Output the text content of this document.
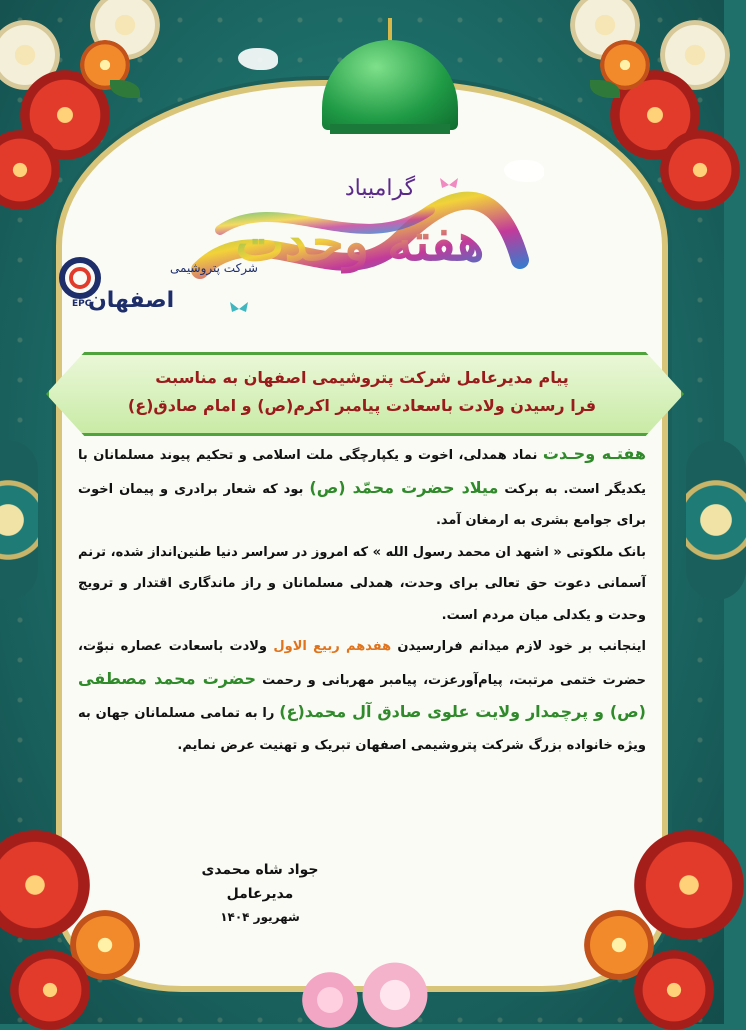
هفته وحدت
گرامیباد
EPC
شرکت پتروشیمی
اصفهان
پیام مدیرعامل شرکت پتروشیمی اصفهان به مناسبت
فرا رسیدن ولادت باسعادت پیامبر اکرم(ص) و امام صادق(ع)

هفتـه وحـدت نماد همدلی، اخوت و یکپارچگی ملت اسلامی و تحکیم پیوند مسلمانان با یکدیگر است. به برکت میلاد حضرت محمّد (ص) بود که شعار برادری و پیمان اخوت برای جوامع بشری به ارمغان آمد.

بانک ملکوتی « اشهد ان محمد رسول الله » که امروز در سراسر دنیا طنین‌انداز شده، ترنم آسمانی دعوت حق تعالی برای وحدت، همدلی مسلمانان و راز ماندگاری اقتدار و ترویج وحدت و یکدلی میان مردم است.

اینجانب بر خود لازم میدانم فرارسیدن هفدهم ربیع الاول ولادت باسعادت عصاره نبوّت، حضرت ختمی مرتبت، پیام‌آورعزت، پیامبر مهربانی و رحمت حضرت محمد مصطفی (ص) و پرچمدار ولایت علوی صادق آل محمد(ع) را به تمامی مسلمانان جهان به ویژه خانواده بزرگ شرکت پتروشیمی اصفهان تبریک و تهنیت عرض نمایم.

جواد شاه محمدی
مدیرعامل
شهریور ۱۴۰۴
